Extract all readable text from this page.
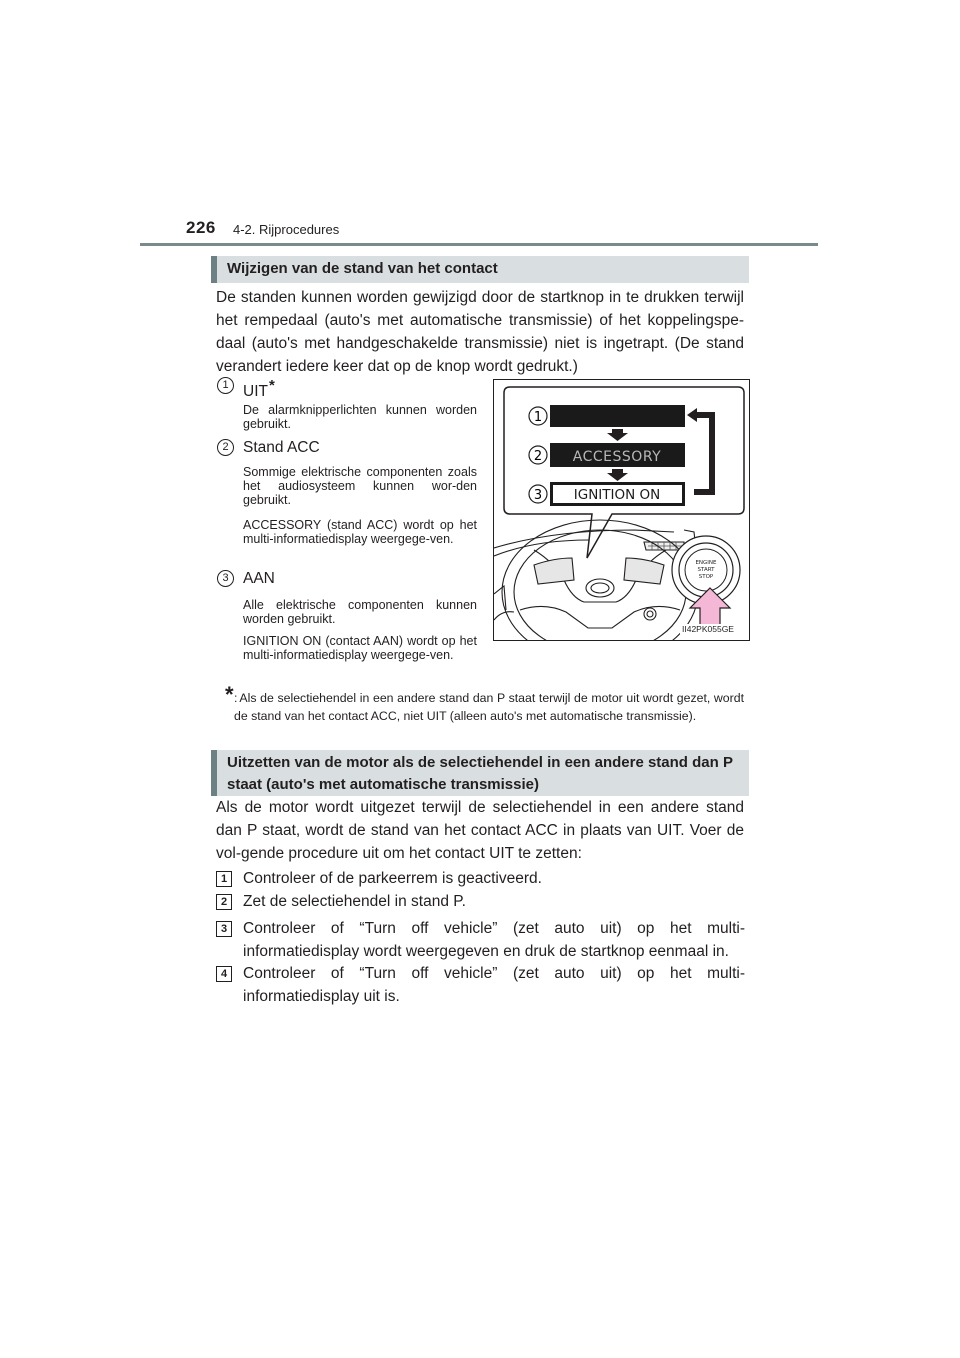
226 4-2. Rijprocedures
Wijzigen van de stand van het contact
De standen kunnen worden gewijzigd door de startknop in te drukken terwijl het rempedaal (auto's met automatische transmissie) of het koppelingspe-daal (auto's met handgeschakelde transmissie) niet is ingetrapt. (De stand verandert iedere keer dat op de knop wordt gedrukt.)
1 UIT*
De alarmknipperlichten kunnen worden gebruikt.
2 Stand ACC
Sommige elektrische componenten zoals het audiosysteem kunnen wor-den gebruikt.
ACCESSORY (stand ACC) wordt op het multi-informatiedisplay weergege-ven.
3 AAN
Alle elektrische componenten kunnen worden gebruikt.
IGNITION ON (contact AAN) wordt op het multi-informatiedisplay weergege-ven.
* : Als de selectiehendel in een andere stand dan P staat terwijl de motor uit wordt gezet, wordt de stand van het contact ACC, niet UIT (alleen auto's met automatische transmissie).
1
2
3
ACCESSORY
IGNITION ON
ENGINE
START
STOP
II42PK055GE
Uitzetten van de motor als de selectiehendel in een andere stand dan P staat (auto's met automatische transmissie)
Als de motor wordt uitgezet terwijl de selectiehendel in een andere stand dan P staat, wordt de stand van het contact ACC in plaats van UIT. Voer de vol-gende procedure uit om het contact UIT te zetten:
1	Controleer of de parkeerrem is geactiveerd.
2	Zet de selectiehendel in stand P.
3	Controleer of “Turn off vehicle” (zet auto uit) op het multi-informatiedisplay wordt weergegeven en druk de startknop eenmaal in.
4	Controleer of “Turn off vehicle” (zet auto uit) op het multi-informatiedisplay uit is.
